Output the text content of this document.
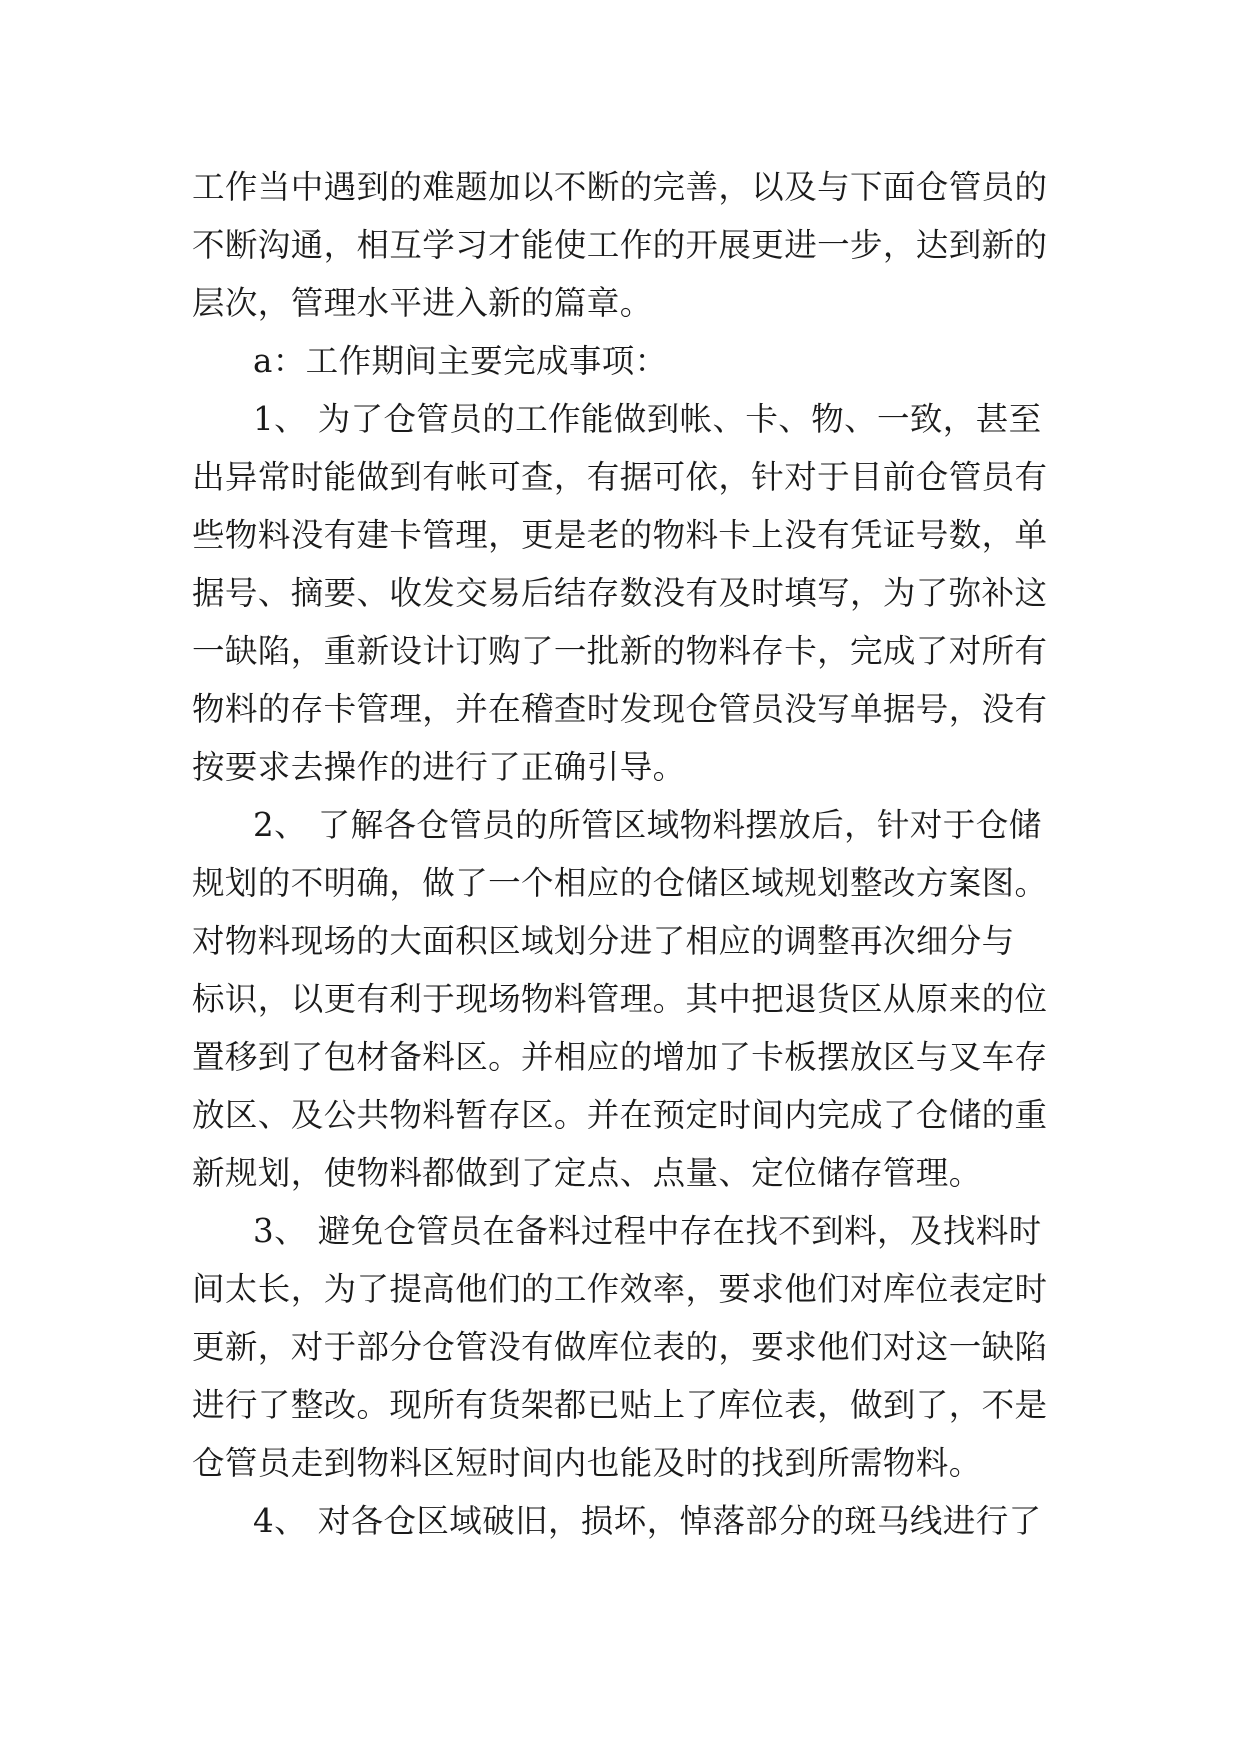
工作当中遇到的难题加以不断的完善，以及与下面仓管员的

不断沟通，相互学习才能使工作的开展更进一步，达到新的

层次，管理水平进入新的篇章。

a：工作期间主要完成事项：

1、 为了仓管员的工作能做到帐、卡、物、一致，甚至

出异常时能做到有帐可查，有据可依，针对于目前仓管员有

些物料没有建卡管理，更是老的物料卡上没有凭证号数，单

据号、摘要、收发交易后结存数没有及时填写，为了弥补这

一缺陷，重新设计订购了一批新的物料存卡，完成了对所有

物料的存卡管理，并在稽查时发现仓管员没写单据号，没有

按要求去操作的进行了正确引导。

2、 了解各仓管员的所管区域物料摆放后，针对于仓储

规划的不明确，做了一个相应的仓储区域规划整改方案图。

对物料现场的大面积区域划分进了相应的调整再次细分与

标识，以更有利于现场物料管理。其中把退货区从原来的位

置移到了包材备料区。并相应的增加了卡板摆放区与叉车存

放区、及公共物料暂存区。并在预定时间内完成了仓储的重

新规划，使物料都做到了定点、点量、定位储存管理。

3、 避免仓管员在备料过程中存在找不到料，及找料时

间太长，为了提高他们的工作效率，要求他们对库位表定时

更新，对于部分仓管没有做库位表的，要求他们对这一缺陷

进行了整改。现所有货架都已贴上了库位表，做到了，不是

仓管员走到物料区短时间内也能及时的找到所需物料。

4、 对各仓区域破旧，损坏，悼落部分的斑马线进行了
